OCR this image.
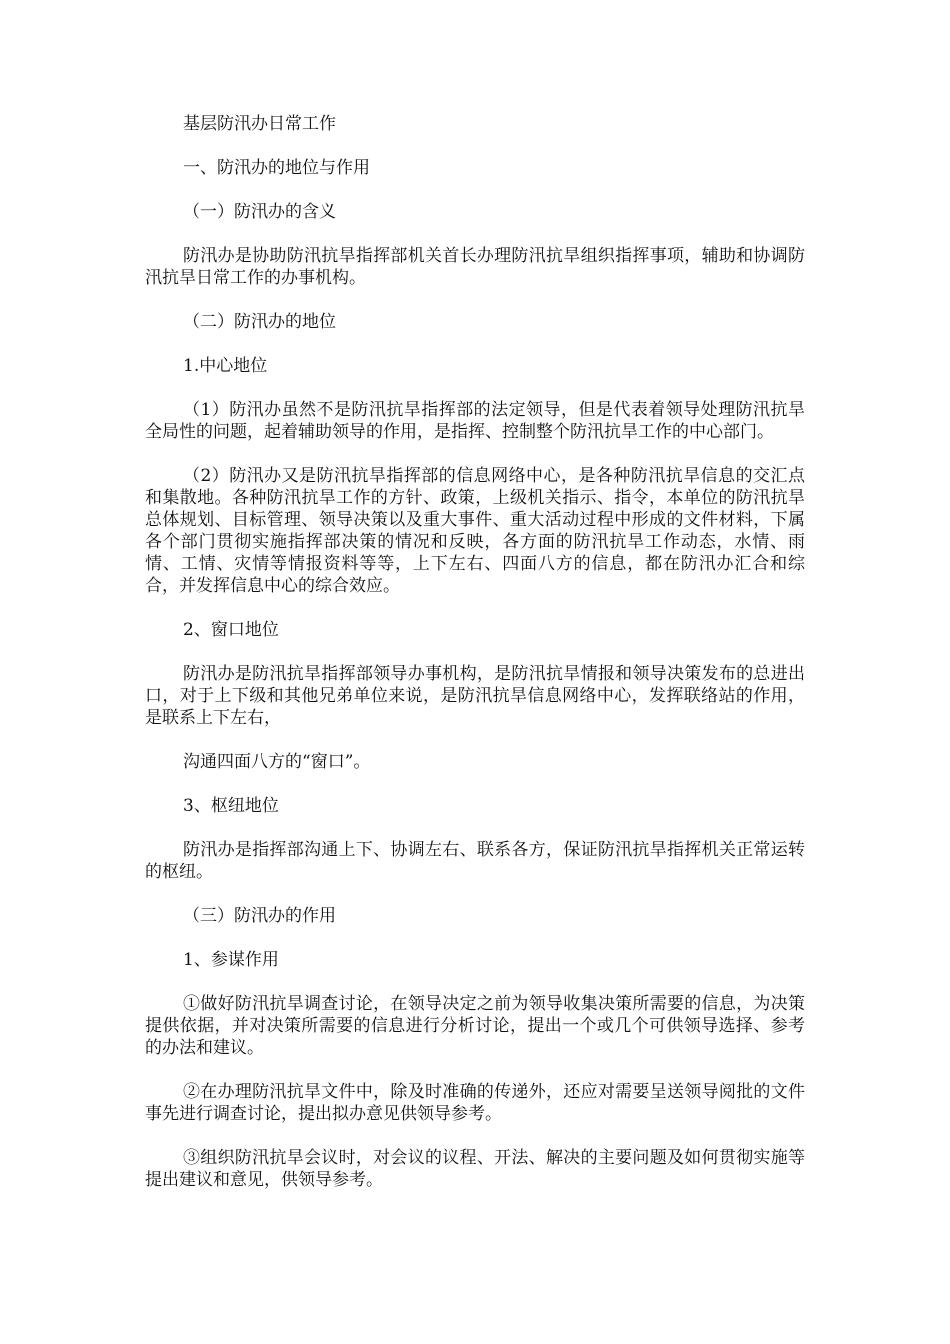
基层防汛办日常工作

一、防汛办的地位与作用

（一）防汛办的含义

防汛办是协助防汛抗旱指挥部机关首长办理防汛抗旱组织指挥事项，辅助和协调防汛抗旱日常工作的办事机构。

（二）防汛办的地位

1.中心地位

（1）防汛办虽然不是防汛抗旱指挥部的法定领导，但是代表着领导处理防汛抗旱全局性的问题，起着辅助领导的作用，是指挥、控制整个防汛抗旱工作的中心部门。

（2）防汛办又是防汛抗旱指挥部的信息网络中心，是各种防汛抗旱信息的交汇点和集散地。各种防汛抗旱工作的方针、政策，上级机关指示、指令，本单位的防汛抗旱总体规划、目标管理、领导决策以及重大事件、重大活动过程中形成的文件材料，下属各个部门贯彻实施指挥部决策的情况和反映，各方面的防汛抗旱工作动态，水情、雨情、工情、灾情等情报资料等等，上下左右、四面八方的信息，都在防汛办汇合和综合，并发挥信息中心的综合效应。

2、窗口地位

防汛办是防汛抗旱指挥部领导办事机构，是防汛抗旱情报和领导决策发布的总进出口，对于上下级和其他兄弟单位来说，是防汛抗旱信息网络中心，发挥联络站的作用，是联系上下左右，

沟通四面八方的“窗口”。

3、枢纽地位

防汛办是指挥部沟通上下、协调左右、联系各方，保证防汛抗旱指挥机关正常运转的枢纽。

（三）防汛办的作用

1、参谋作用

①做好防汛抗旱调查讨论，在领导决定之前为领导收集决策所需要的信息，为决策提供依据，并对决策所需要的信息进行分析讨论，提出一个或几个可供领导选择、参考的办法和建议。

②在办理防汛抗旱文件中，除及时准确的传递外，还应对需要呈送领导阅批的文件事先进行调查讨论，提出拟办意见供领导参考。

③组织防汛抗旱会议时，对会议的议程、开法、解决的主要问题及如何贯彻实施等提出建议和意见，供领导参考。
